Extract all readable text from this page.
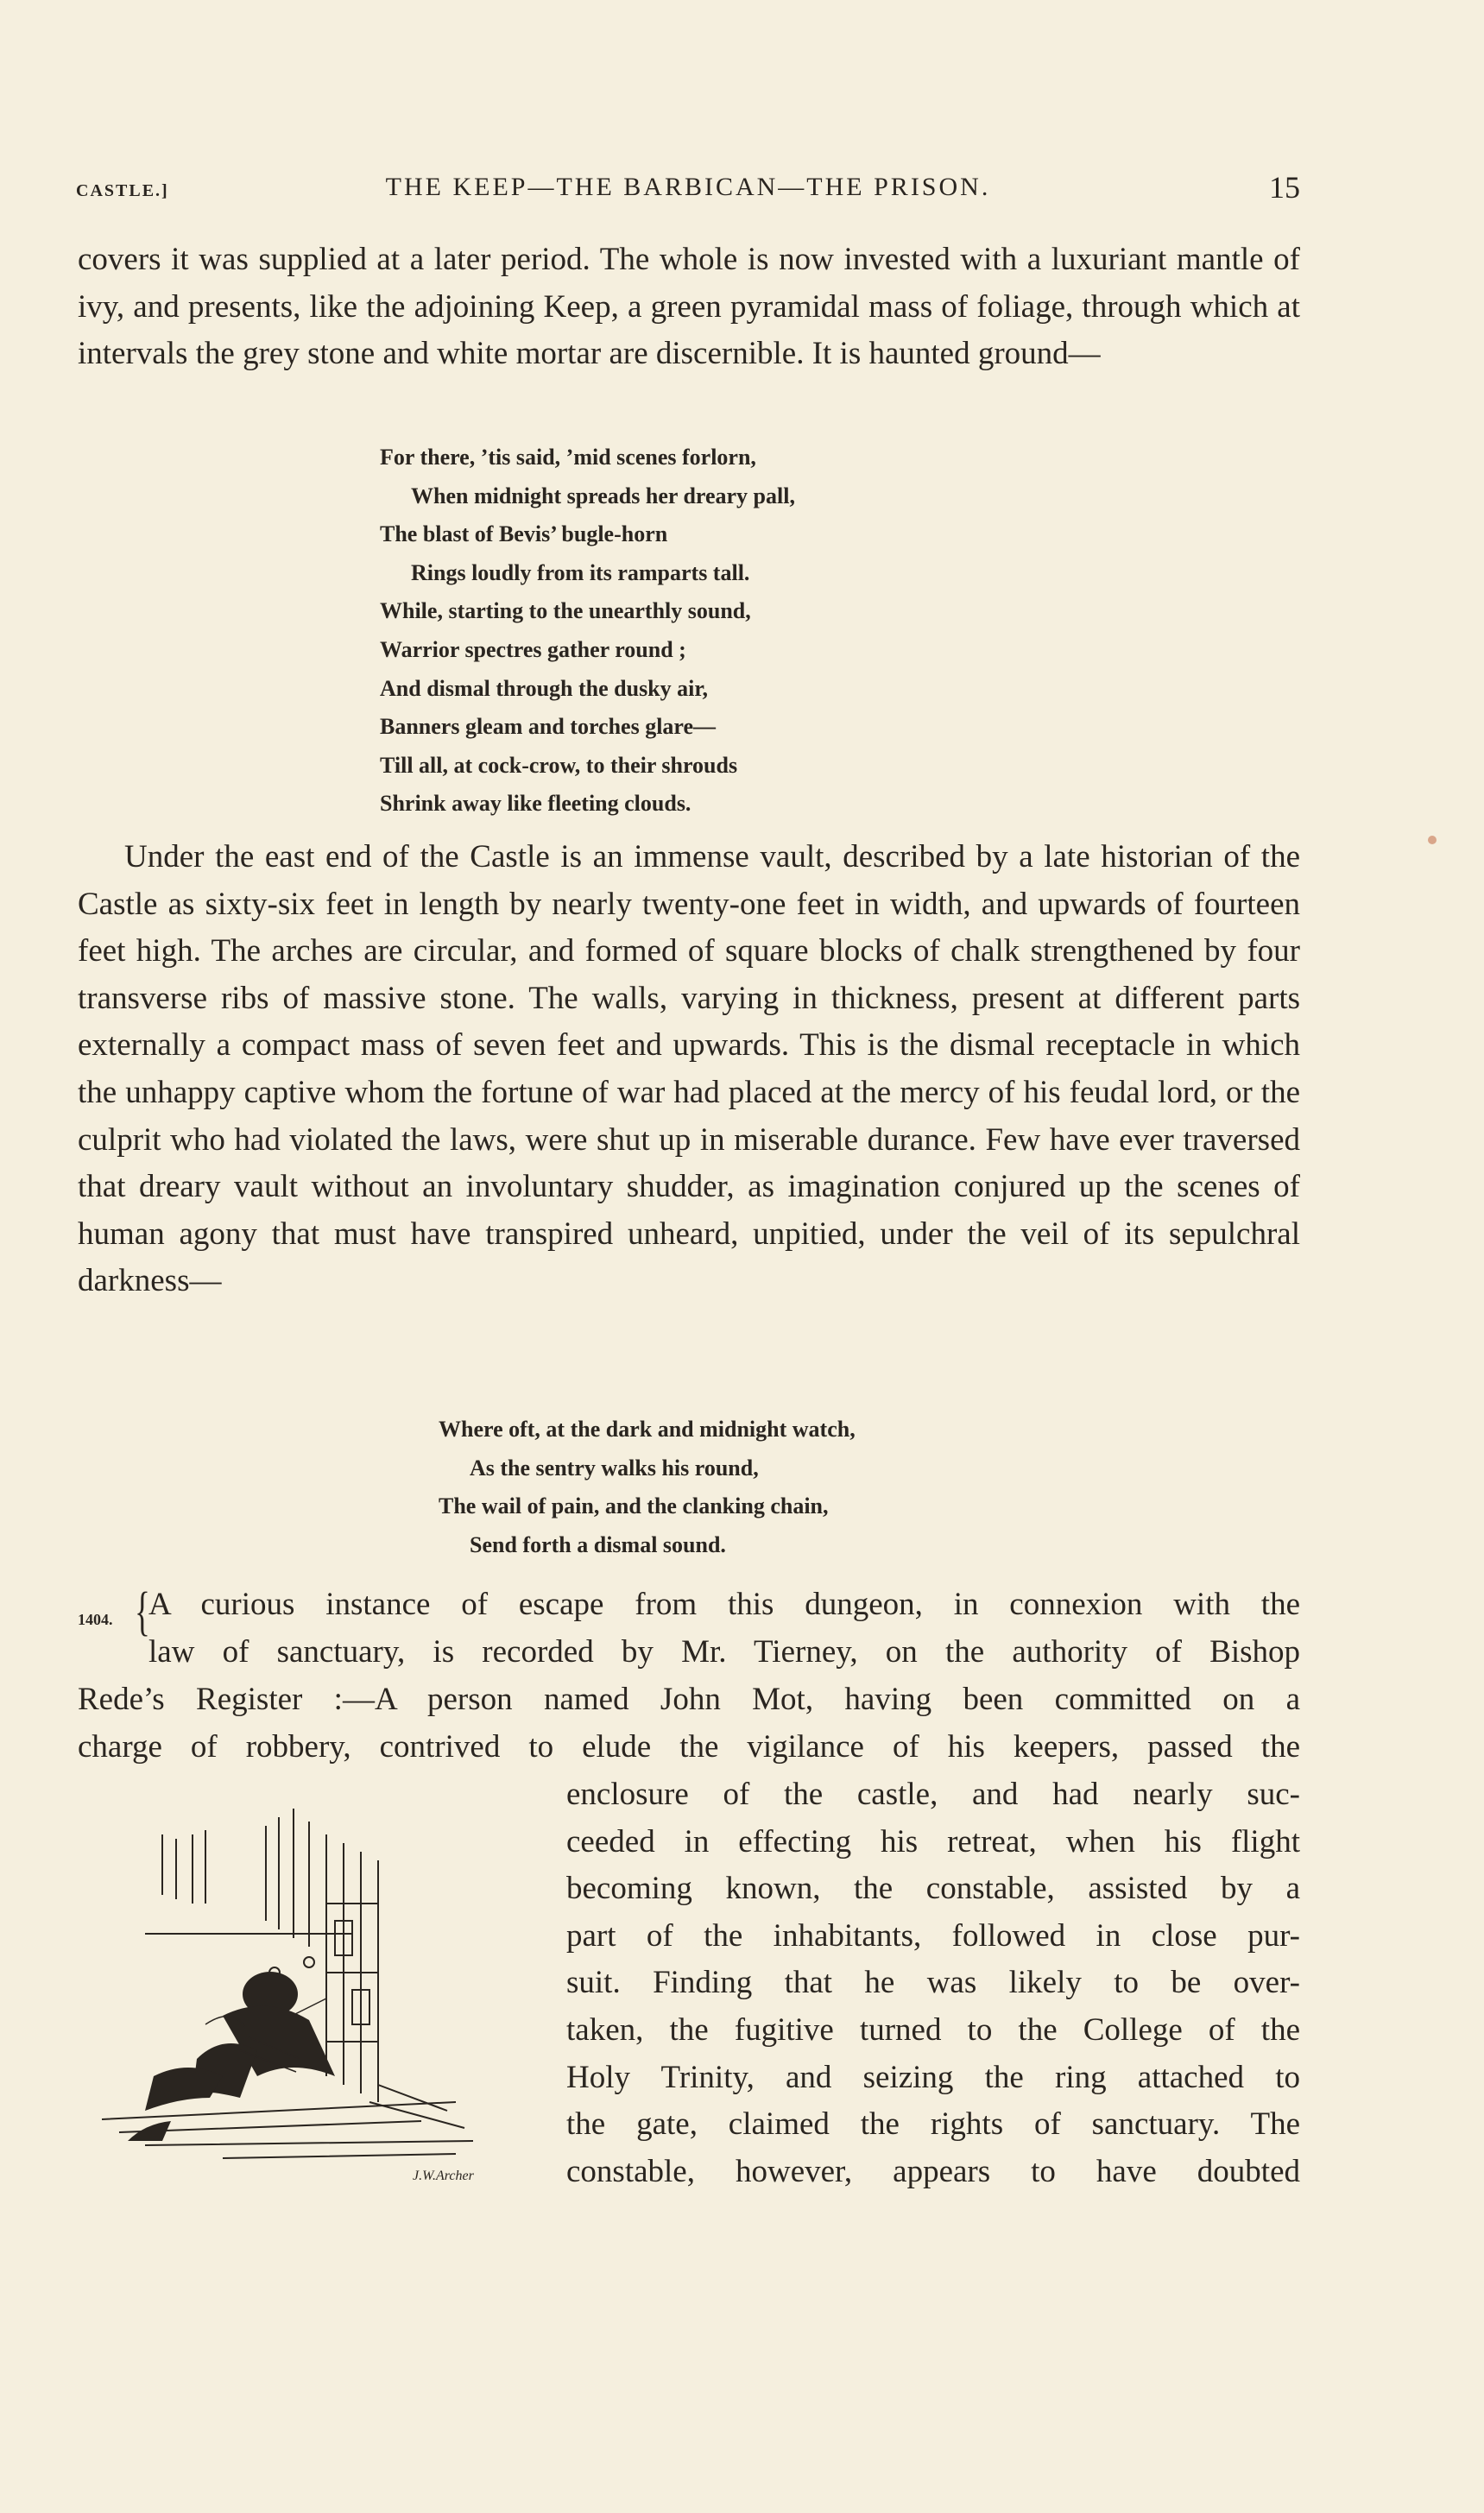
CASTLE.]	THE KEEP—THE BARBICAN—THE PRISON.	15

covers it was supplied at a later period. The whole is now invested with a luxuriant mantle of ivy, and presents, like the adjoining Keep, a green pyramidal mass of foliage, through which at intervals the grey stone and white mortar are discernible. It is haunted ground—

For there, ’tis said, ’mid scenes forlorn,
When midnight spreads her dreary pall,
The blast of Bevis’ bugle-horn
Rings loudly from its ramparts tall.
While, starting to the unearthly sound,
Warrior spectres gather round ;
And dismal through the dusky air,
Banners gleam and torches glare—
Till all, at cock-crow, to their shrouds
Shrink away like fleeting clouds.

Under the east end of the Castle is an immense vault, described by a late historian of the Castle as sixty-six feet in length by nearly twenty-one feet in width, and upwards of fourteen feet high. The arches are circular, and formed of square blocks of chalk strengthened by four transverse ribs of massive stone. The walls, varying in thickness, present at different parts externally a compact mass of seven feet and upwards. This is the dismal receptacle in which the unhappy captive whom the fortune of war had placed at the mercy of his feudal lord, or the culprit who had violated the laws, were shut up in miserable durance. Few have ever traversed that dreary vault without an involuntary shudder, as imagination conjured up the scenes of human agony that must have transpired unheard, unpitied, under the veil of its sepulchral darkness—

Where oft, at the dark and midnight watch,
As the sentry walks his round,
The wail of pain, and the clanking chain,
Send forth a dismal sound.
1404. {
A curious instance of escape from this dungeon, in connexion with the
law of sanctuary, is recorded by Mr. Tierney, on the authority of Bishop
Rede’s Register :—A person named John Mot, having been committed on a
charge of robbery, contrived to elude the vigilance of his keepers, passed the
enclosure of the castle, and had nearly suc-
ceeded in effecting his retreat, when his flight
becoming known, the constable, assisted by a
part of the inhabitants, followed in close pur-
suit. Finding that he was likely to be over-
taken, the fugitive turned to the College of the
Holy Trinity, and seizing the ring attached to
the gate, claimed the rights of sanctuary. The
constable, however, appears to have doubted
J.W.Archer
